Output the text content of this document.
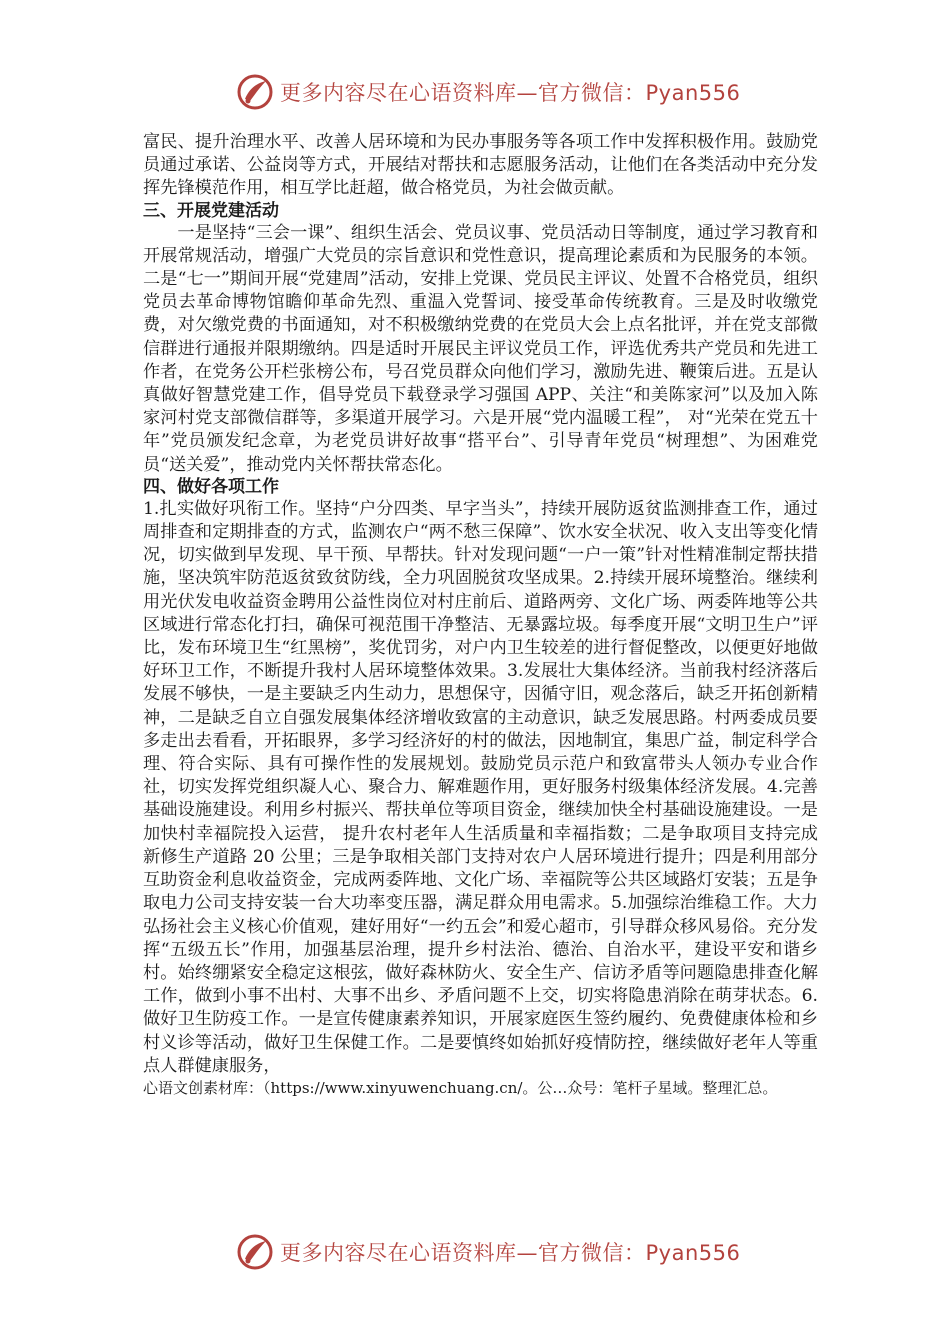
更多内容尽在心语资料库—官方微信：Pyan556

富民、提升治理水平、改善人居环境和为民办事服务等各项工作中发挥积极作用。鼓励党员通过承诺、公益岗等方式，开展结对帮扶和志愿服务活动，让他们在各类活动中充分发挥先锋模范作用，相互学比赶超，做合格党员，为社会做贡献。

三、开展党建活动

一是坚持“三会一课”、组织生活会、党员议事、党员活动日等制度，通过学习教育和开展常规活动，增强广大党员的宗旨意识和党性意识，提高理论素质和为民服务的本领。二是“七一”期间开展“党建周”活动，安排上党课、党员民主评议、处置不合格党员，组织党员去革命博物馆瞻仰革命先烈、重温入党誓词、接受革命传统教育。三是及时收缴党费，对欠缴党费的书面通知，对不积极缴纳党费的在党员大会上点名批评，并在党支部微信群进行通报并限期缴纳。四是适时开展民主评议党员工作，评选优秀共产党员和先进工作者，在党务公开栏张榜公布，号召党员群众向他们学习，激励先进、鞭策后进。五是认真做好智慧党建工作，倡导党员下载登录学习强国 APP、关注“和美陈家河”以及加入陈家河村党支部微信群等，多渠道开展学习。六是开展“党内温暖工程”， 对“光荣在党五十年”党员颁发纪念章，为老党员讲好故事“搭平台”、引导青年党员“树理想”、为困难党员“送关爱”，推动党内关怀帮扶常态化。

四、做好各项工作

1.扎实做好巩衔工作。坚持“户分四类、早字当头”，持续开展防返贫监测排查工作，通过周排查和定期排查的方式，监测农户“两不愁三保障”、饮水安全状况、收入支出等变化情况，切实做到早发现、早干预、早帮扶。针对发现问题“一户一策”针对性精准制定帮扶措施，坚决筑牢防范返贫致贫防线，全力巩固脱贫攻坚成果。2.持续开展环境整治。继续利用光伏发电收益资金聘用公益性岗位对村庄前后、道路两旁、文化广场、两委阵地等公共区域进行常态化打扫，确保可视范围干净整洁、无暴露垃圾。每季度开展“文明卫生户”评比，发布环境卫生“红黑榜”，奖优罚劣，对户内卫生较差的进行督促整改，以便更好地做好环卫工作，不断提升我村人居环境整体效果。3.发展壮大集体经济。当前我村经济落后发展不够快，一是主要缺乏内生动力，思想保守，因循守旧，观念落后，缺乏开拓创新精神，二是缺乏自立自强发展集体经济增收致富的主动意识，缺乏发展思路。村两委成员要多走出去看看，开拓眼界，多学习经济好的村的做法，因地制宜，集思广益，制定科学合理、符合实际、具有可操作性的发展规划。鼓励党员示范户和致富带头人领办专业合作社，切实发挥党组织凝人心、聚合力、解难题作用，更好服务村级集体经济发展。4.完善基础设施建设。利用乡村振兴、帮扶单位等项目资金，继续加快全村基础设施建设。一是加快村幸福院投入运营， 提升农村老年人生活质量和幸福指数；二是争取项目支持完成新修生产道路 20 公里；三是争取相关部门支持对农户人居环境进行提升；四是利用部分互助资金利息收益资金，完成两委阵地、文化广场、幸福院等公共区域路灯安装；五是争取电力公司支持安装一台大功率变压器，满足群众用电需求。5.加强综治维稳工作。大力弘扬社会主义核心价值观，建好用好“一约五会”和爱心超市，引导群众移风易俗。充分发挥“五级五长”作用，加强基层治理，提升乡村法治、德治、自治水平，建设平安和谐乡村。始终绷紧安全稳定这根弦，做好森林防火、安全生产、信访矛盾等问题隐患排查化解工作，做到小事不出村、大事不出乡、矛盾问题不上交，切实将隐患消除在萌芽状态。6.做好卫生防疫工作。一是宣传健康素养知识，开展家庭医生签约履约、免费健康体检和乡村义诊等活动，做好卫生保健工作。二是要慎终如始抓好疫情防控，继续做好老年人等重点人群健康服务，

心语文创素材库：（https://www.xinyuwenchuang.cn/。公…众号：笔杆子星域。整理汇总。

更多内容尽在心语资料库—官方微信：Pyan556
